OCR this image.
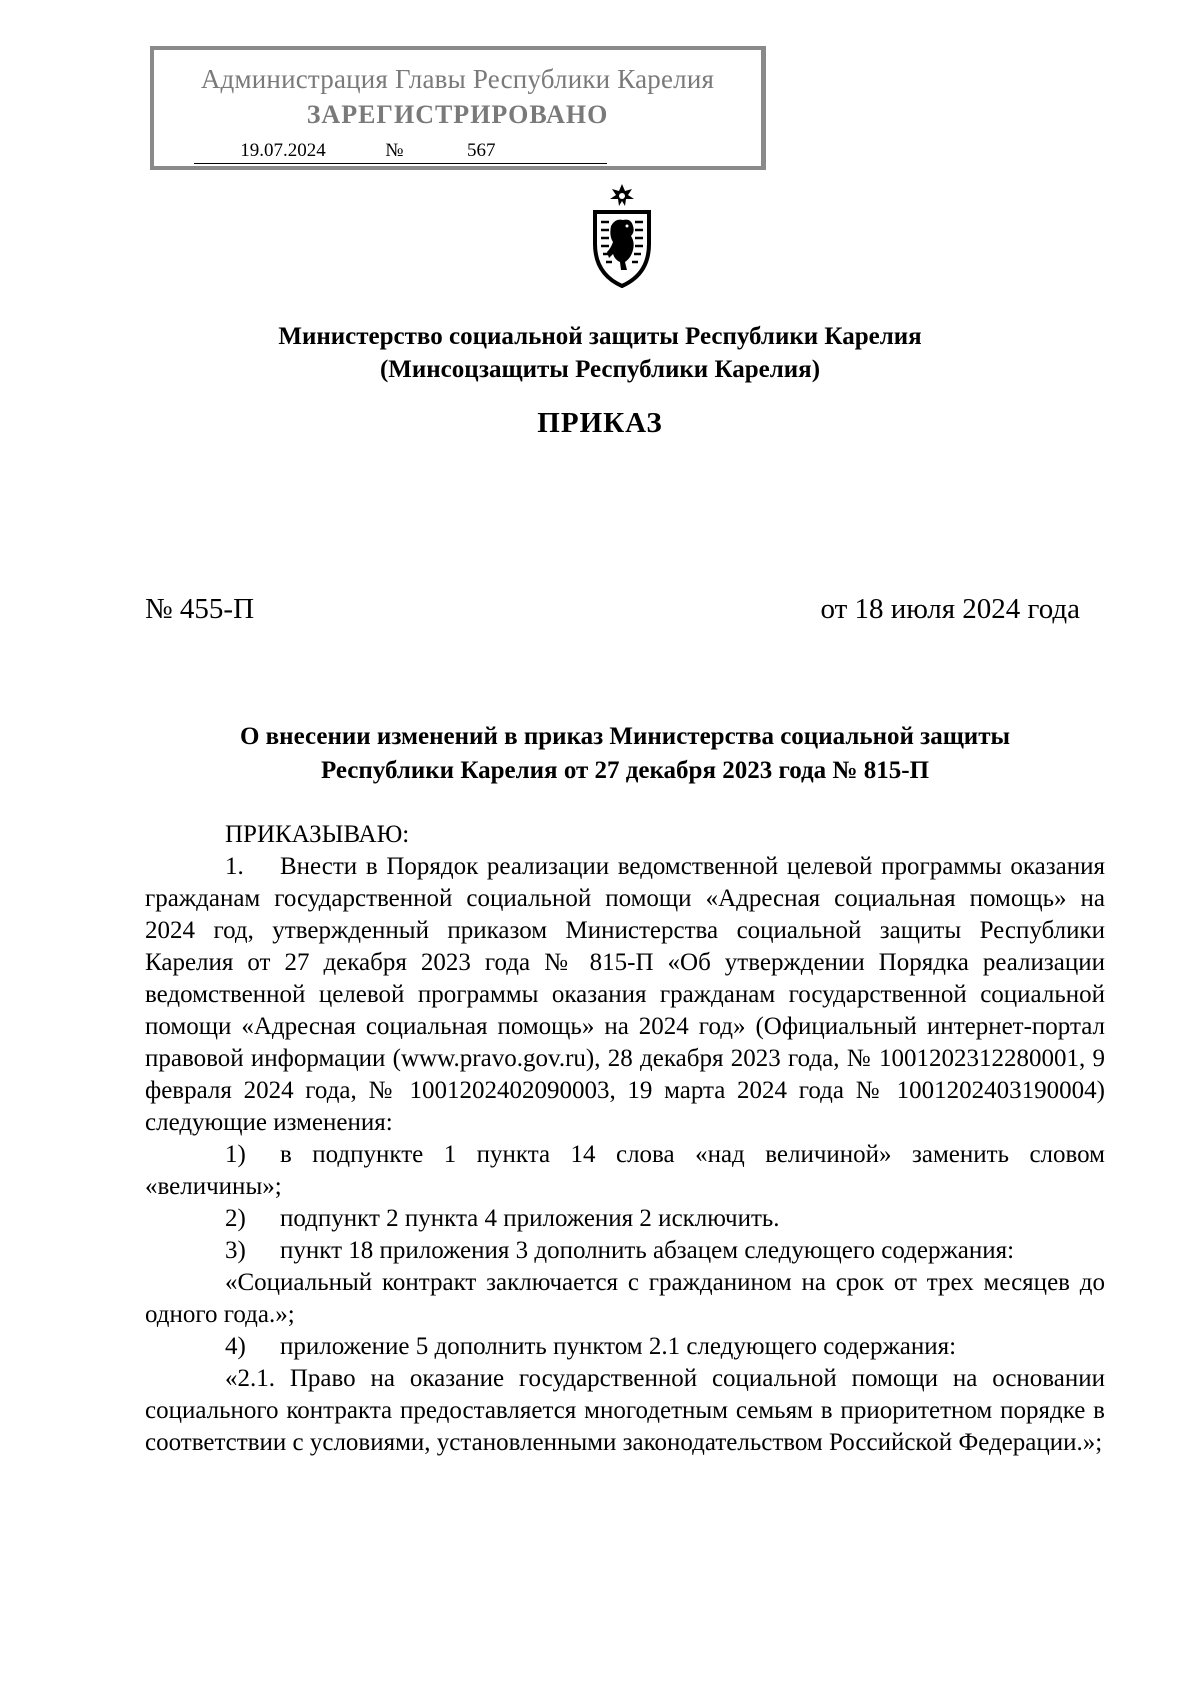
Администрация Главы Республики Карелия
ЗАРЕГИСТРИРОВАНО
19.07.2024	№	567
Министерство социальной защиты Республики Карелия
(Минсоцзащиты Республики Карелия)
ПРИКАЗ
№ 455-П	от 18 июля 2024 года
О внесении изменений в приказ Министерства социальной защиты
Республики Карелия от 27 декабря 2023 года № 815-П

ПРИКАЗЫВАЮ:

1. Внести в Порядок реализации ведомственной целевой программы оказания гражданам государственной социальной помощи «Адресная социальная помощь» на 2024 год, утвержденный приказом Министерства социальной защиты Республики Карелия от 27 декабря 2023 года № 815-П «Об утверждении Порядка реализации ведомственной целевой программы оказания гражданам государственной социальной помощи «Адресная социальная помощь» на 2024 год» (Официальный интернет-портал правовой информации (www.pravo.gov.ru), 28 декабря 2023 года, № 1001202312280001, 9 февраля 2024 года, № 1001202402090003, 19 марта 2024 года № 1001202403190004) следующие изменения:

1) в подпункте 1 пункта 14 слова «над величиной» заменить словом «величины»;

2) подпункт 2 пункта 4 приложения 2 исключить.

3) пункт 18 приложения 3 дополнить абзацем следующего содержания:

«Социальный контракт заключается с гражданином на срок от трех месяцев до одного года.»;

4) приложение 5 дополнить пунктом 2.1 следующего содержания:

«2.1. Право на оказание государственной социальной помощи на основании социального контракта предоставляется многодетным семьям в приоритетном порядке в соответствии с условиями, установленными законодательством Российской Федерации.»;
